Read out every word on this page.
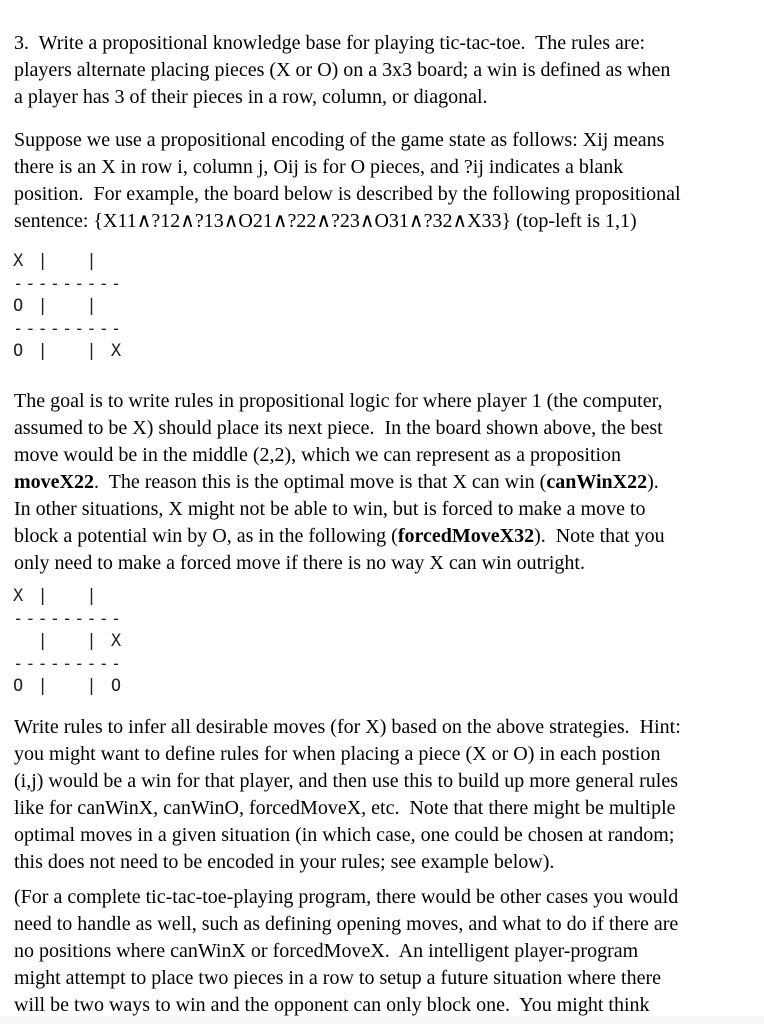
3.  Write a propositional knowledge base for playing tic-tac-toe.  The rules are:
players alternate placing pieces (X or O) on a 3x3 board; a win is defined as when
a player has 3 of their pieces in a row, column, or diagonal.
Suppose we use a propositional encoding of the game state as follows: Xij means
there is an X in row i, column j, Oij is for O pieces, and ?ij indicates a blank
position.  For example, the board below is described by the following propositional
sentence: {X11∧?12∧?13∧O21∧?22∧?23∧O31∧?32∧X33} (top-left is 1,1)
X |   |
---------
O |   |
---------
O |   | X
The goal is to write rules in propositional logic for where player 1 (the computer,
assumed to be X) should place its next piece.  In the board shown above, the best
move would be in the middle (2,2), which we can represent as a proposition
moveX22.  The reason this is the optimal move is that X can win (canWinX22).
In other situations, X might not be able to win, but is forced to make a move to
block a potential win by O, as in the following (forcedMoveX32).  Note that you
only need to make a forced move if there is no way X can win outright.
X |   |
---------
|   | X
---------
O |   | O
Write rules to infer all desirable moves (for X) based on the above strategies.  Hint:
you might want to define rules for when placing a piece (X or O) in each postion
(i,j) would be a win for that player, and then use this to build up more general rules
like for canWinX, canWinO, forcedMoveX, etc.  Note that there might be multiple
optimal moves in a given situation (in which case, one could be chosen at random;
this does not need to be encoded in your rules; see example below).
(For a complete tic-tac-toe-playing program, there would be other cases you would
need to handle as well, such as defining opening moves, and what to do if there are
no positions where canWinX or forcedMoveX.  An intelligent player-program
might attempt to place two pieces in a row to setup a future situation where there
will be two ways to win and the opponent can only block one.  You might think
